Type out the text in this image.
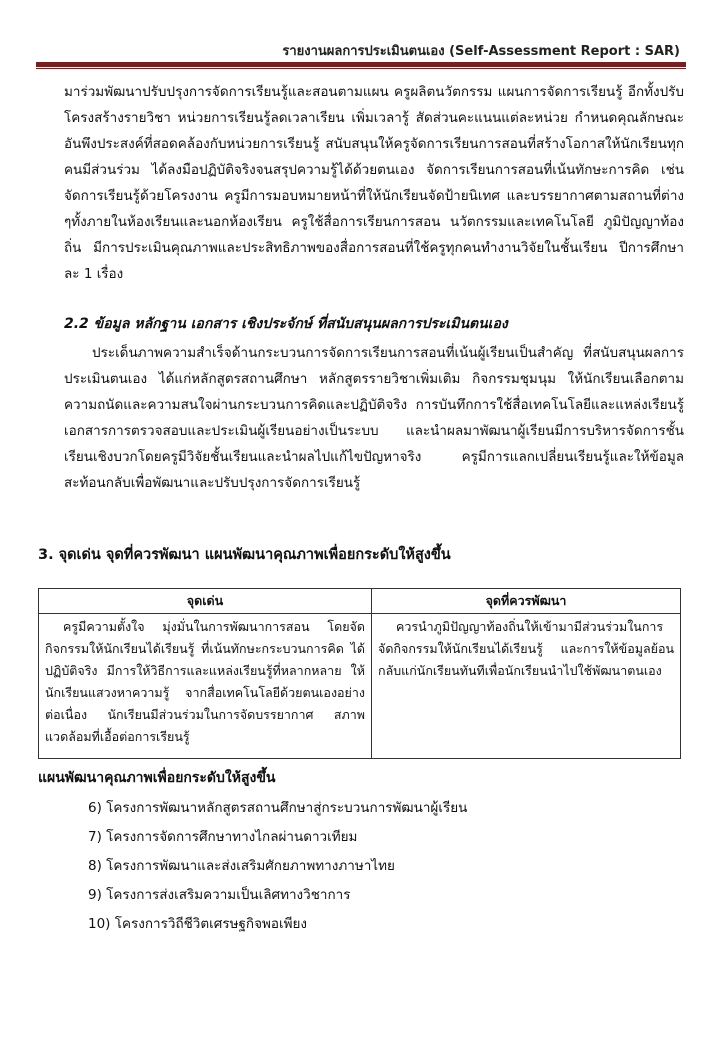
รายงานผลการประเมินตนเอง (Self-Assessment Report : SAR)
มาร่วมพัฒนาปรับปรุงการจัดการเรียนรู้และสอนตามแผน ครูผลิตนวัตกรรม แผนการจัดการเรียนรู้ อีกทั้งปรับโครงสร้างรายวิชา หน่วยการเรียนรู้ลดเวลาเรียน เพิ่มเวลารู้ สัดส่วนคะแนนแต่ละหน่วย กำหนดคุณลักษณะอันพึงประสงค์ที่สอดคล้องกับหน่วยการเรียนรู้ สนับสนุนให้ครูจัดการเรียนการสอนที่สร้างโอกาสให้นักเรียนทุกคนมีส่วนร่วม ได้ลงมือปฏิบัติจริงจนสรุปความรู้ได้ด้วยตนเอง จัดการเรียนการสอนที่เน้นทักษะการคิด เช่น จัดการเรียนรู้ด้วยโครงงาน ครูมีการมอบหมายหน้าที่ให้นักเรียนจัดป้ายนิเทศ และบรรยากาศตามสถานที่ต่าง ๆทั้งภายในห้องเรียนและนอกห้องเรียน ครูใช้สื่อการเรียนการสอน นวัตกรรมและเทคโนโลยี ภูมิปัญญาท้องถิ่น มีการประเมินคุณภาพและประสิทธิภาพของสื่อการสอนที่ใช้ครูทุกคนทำงานวิจัยในชั้นเรียน ปีการศึกษาละ 1 เรื่อง
2.2 ข้อมูล หลักฐาน เอกสาร เชิงประจักษ์ ที่สนับสนุนผลการประเมินตนเอง
ประเด็นภาพความสำเร็จด้านกระบวนการจัดการเรียนการสอนที่เน้นผู้เรียนเป็นสำคัญ ที่สนับสนุนผลการประเมินตนเอง ได้แก่หลักสูตรสถานศึกษา หลักสูตรรายวิชาเพิ่มเติม กิจกรรมชุมนุม ให้นักเรียนเลือกตามความถนัดและความสนใจผ่านกระบวนการคิดและปฏิบัติจริง การบันทึกการใช้สื่อเทคโนโลยีและแหล่งเรียนรู้ เอกสารการตรวจสอบและประเมินผู้เรียนอย่างเป็นระบบ และนำผลมาพัฒนาผู้เรียนมีการบริหารจัดการชั้นเรียนเชิงบวกโดยครูมีวิจัยชั้นเรียนและนำผลไปแก้ไขปัญหาจริง ครูมีการแลกเปลี่ยนเรียนรู้และให้ข้อมูลสะท้อนกลับเพื่อพัฒนาและปรับปรุงการจัดการเรียนรู้
3. จุดเด่น จุดที่ควรพัฒนา แผนพัฒนาคุณภาพเพื่อยกระดับให้สูงขึ้น
จุดเด่น	จุดที่ควรพัฒนา
ครูมีความตั้งใจ มุ่งมั่นในการพัฒนาการสอน โดยจัดกิจกรรมให้นักเรียนได้เรียนรู้ ที่เน้นทักษะกระบวนการคิด ได้ปฏิบัติจริง มีการให้วิธีการและแหล่งเรียนรู้ที่หลากหลาย ให้นักเรียนแสวงหาความรู้ จากสื่อเทคโนโลยีด้วยตนเองอย่างต่อเนื่อง นักเรียนมีส่วนร่วมในการจัดบรรยากาศ สภาพแวดล้อมที่เอื้อต่อการเรียนรู้	ควรนำภูมิปัญญาท้องถิ่นให้เข้ามามีส่วนร่วมในการจัดกิจกรรมให้นักเรียนได้เรียนรู้ และการให้ข้อมูลย้อนกลับแก่นักเรียนทันทีเพื่อนักเรียนนำไปใช้พัฒนาตนเอง
แผนพัฒนาคุณภาพเพื่อยกระดับให้สูงขึ้น
6) โครงการพัฒนาหลักสูตรสถานศึกษาสู่กระบวนการพัฒนาผู้เรียน
7) โครงการจัดการศึกษาทางไกลผ่านดาวเทียม
8) โครงการพัฒนาและส่งเสริมศักยภาพทางภาษาไทย
9) โครงการส่งเสริมความเป็นเลิศทางวิชาการ
10) โครงการวิถีชีวิตเศรษฐกิจพอเพียง
